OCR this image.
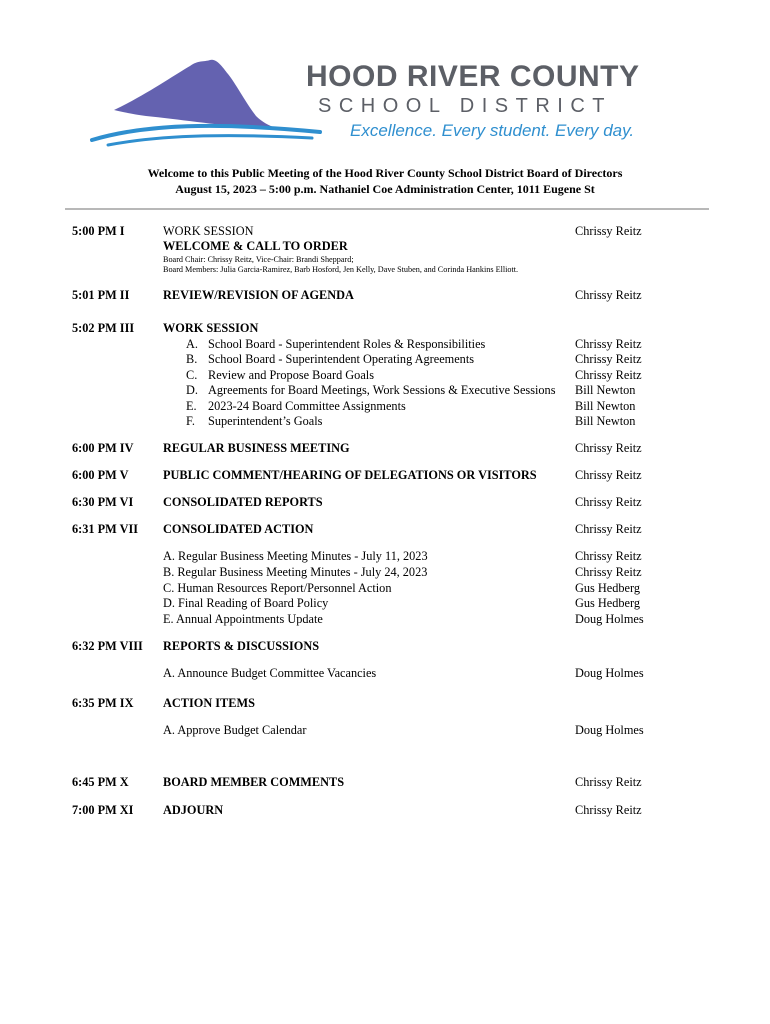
HOOD RIVER COUNTY
SCHOOL DISTRICT
Excellence. Every student. Every day.
Welcome to this Public Meeting of the Hood River County School District Board of Directors
August 15, 2023 – 5:00 p.m. Nathaniel Coe Administration Center, 1011 Eugene St
5:00 PM I	WORK SESSION	Chrissy Reitz
WELCOME & CALL TO ORDER
Board Chair: Chrissy Reitz, Vice-Chair: Brandi Sheppard;
Board Members: Julia Garcia-Ramirez, Barb Hosford, Jen Kelly, Dave Stuben, and Corinda Hankins Elliott.
5:01 PM II	REVIEW/REVISION OF AGENDA	Chrissy Reitz
5:02 PM III WORK SESSION
A. School Board - Superintendent Roles & Responsibilities	Chrissy Reitz
B. School Board - Superintendent Operating Agreements	Chrissy Reitz
C. Review and Propose Board Goals	Chrissy Reitz
D. Agreements for Board Meetings, Work Sessions & Executive Sessions Bill Newton
E. 2023-24 Board Committee Assignments	Bill Newton
F. Superintendent’s Goals	Bill Newton
6:00 PM IV REGULAR BUSINESS MEETING	Chrissy Reitz
6:00 PM V	PUBLIC COMMENT/HEARING OF DELEGATIONS OR VISITORS	Chrissy Reitz
6:30 PM VI CONSOLIDATED REPORTS	Chrissy Reitz
6:31 PM VII CONSOLIDATED ACTION	Chrissy Reitz
A. Regular Business Meeting Minutes - July 11, 2023	Chrissy Reitz
B. Regular Business Meeting Minutes - July 24, 2023	Chrissy Reitz
C. Human Resources Report/Personnel Action	Gus Hedberg
D. Final Reading of Board Policy	Gus Hedberg
E. Annual Appointments Update	Doug Holmes
6:32 PM VIII REPORTS & DISCUSSIONS
A. Announce Budget Committee Vacancies	Doug Holmes
6:35 PM IX ACTION ITEMS
A. Approve Budget Calendar	Doug Holmes
6:45 PM X	BOARD MEMBER COMMENTS	Chrissy Reitz
7:00 PM XI ADJOURN	Chrissy Reitz
